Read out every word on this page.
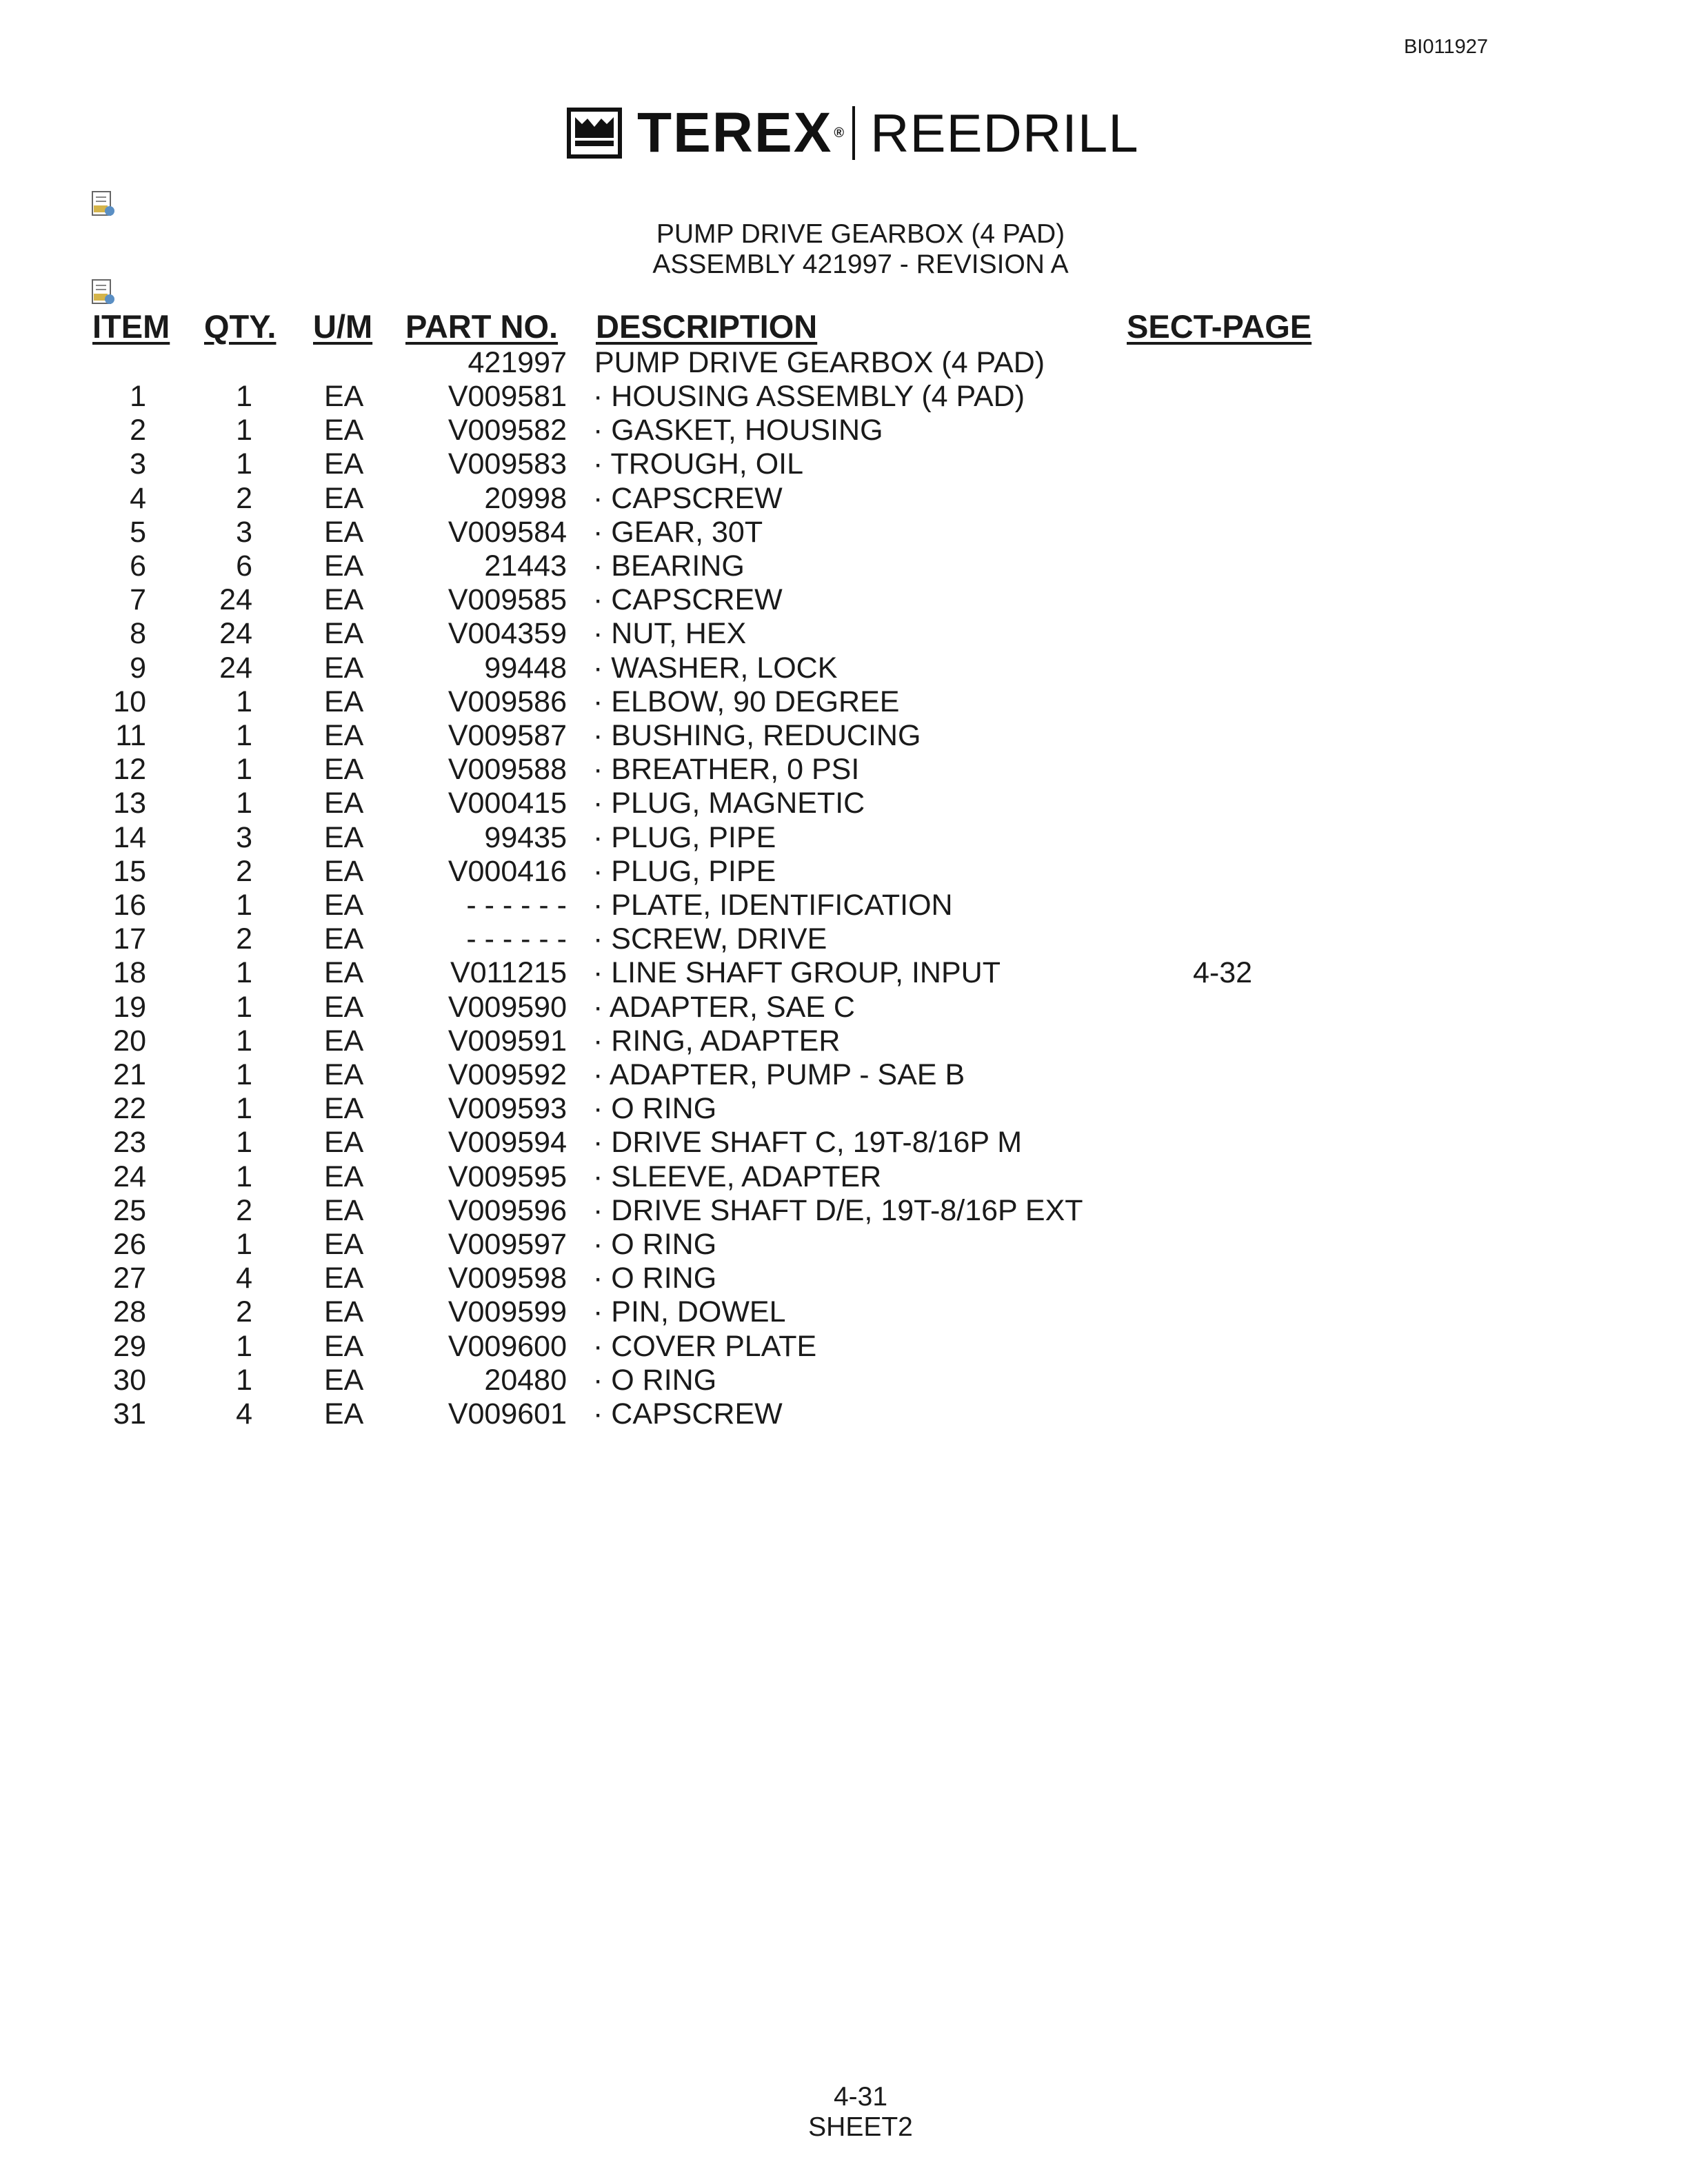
BI011927
TEREX ® REEDRILL
PUMP DRIVE GEARBOX (4 PAD)
ASSEMBLY 421997 - REVISION A
ITEM QTY. U/M PART NO. DESCRIPTION	SECT-PAGE
421997 PUMP DRIVE GEARBOX (4 PAD)
1	1 EA	V009581 · HOUSING ASSEMBLY (4 PAD)
2	1 EA	V009582 · GASKET, HOUSING
3	1 EA	V009583 · TROUGH, OIL
4	2 EA	20998 · CAPSCREW
5	3 EA	V009584 · GEAR, 30T
6	6 EA	21443 · BEARING
7 24 EA	V009585 · CAPSCREW
8 24 EA	V004359 · NUT, HEX
9 24 EA	99448 · WASHER, LOCK
10	1 EA	V009586 · ELBOW, 90 DEGREE
11	1 EA	V009587 · BUSHING, REDUCING
12	1 EA	V009588 · BREATHER, 0 PSI
13	1 EA	V000415 · PLUG, MAGNETIC
14	3 EA	99435 · PLUG, PIPE
15	2 EA	V000416 · PLUG, PIPE
16	1 EA	- - - - - - · PLATE, IDENTIFICATION
17	2 EA	- - - - - - · SCREW, DRIVE
18	1 EA	V011215 · LINE SHAFT GROUP, INPUT	4-32
19	1 EA	V009590 · ADAPTER, SAE C
20	1 EA	V009591 · RING, ADAPTER
21	1 EA	V009592 · ADAPTER, PUMP - SAE B
22	1 EA	V009593 · O RING
23	1 EA	V009594 · DRIVE SHAFT C, 19T-8/16P M
24	1 EA	V009595 · SLEEVE, ADAPTER
25	2 EA	V009596 · DRIVE SHAFT D/E, 19T-8/16P EXT
26	1 EA	V009597 · O RING
27	4 EA	V009598 · O RING
28	2 EA	V009599 · PIN, DOWEL
29	1 EA	V009600 · COVER PLATE
30	1 EA	20480 · O RING
31	4 EA	V009601 · CAPSCREW
4-31
SHEET2
